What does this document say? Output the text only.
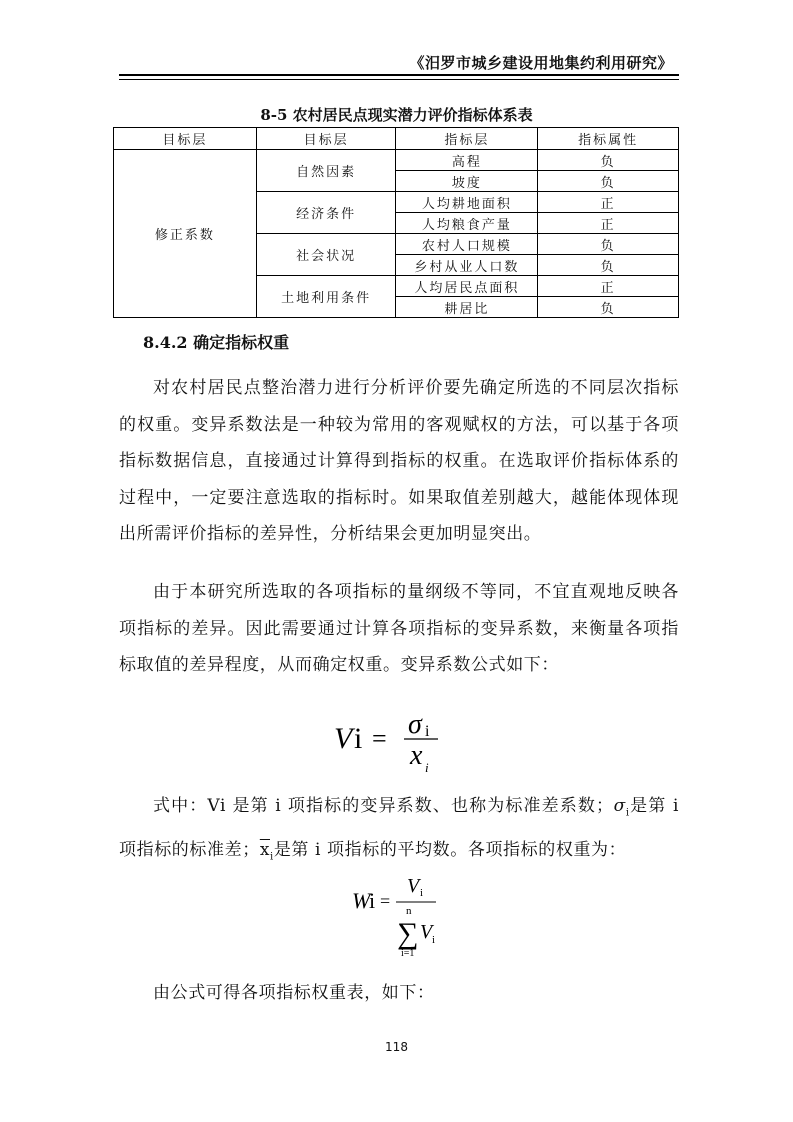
《汨罗市城乡建设用地集约利用研究》
8-5 农村居民点现实潜力评价指标体系表
目标层	目标层	指标层	指标属性
修正系数	自然因素	高程	负
		坡度	负
	经济条件	人均耕地面积	正
		人均粮食产量	正
	社会状况	农村人口规模	负
		乡村从业人口数	负
	土地利用条件	人均居民点面积	正
		耕居比	负
8.4.2 确定指标权重
对农村居民点整治潜力进行分析评价要先确定所选的不同层次指标的权重。变异系数法是一种较为常用的客观赋权的方法，可以基于各项指标数据信息，直接通过计算得到指标的权重。在选取评价指标体系的过程中，一定要注意选取的指标时。如果取值差别越大，越能体现体现出所需评价指标的差异性，分析结果会更加明显突出。
由于本研究所选取的各项指标的量纲级不等同，不宜直观地反映各项指标的差异。因此需要通过计算各项指标的变异系数，来衡量各项指标取值的差异程度，从而确定权重。变异系数公式如下：
V i = σ i
x i
式中：Vi 是第 i 项指标的变异系数、也称为标准差系数；$\sigma_i$是第 i 项指标的标准差；$\overline{x}_i$是第 i 项指标的平均数。各项指标的权重为：
W
i =
V i
n
∑
i=1
V i
由公式可得各项指标权重表，如下：
118
